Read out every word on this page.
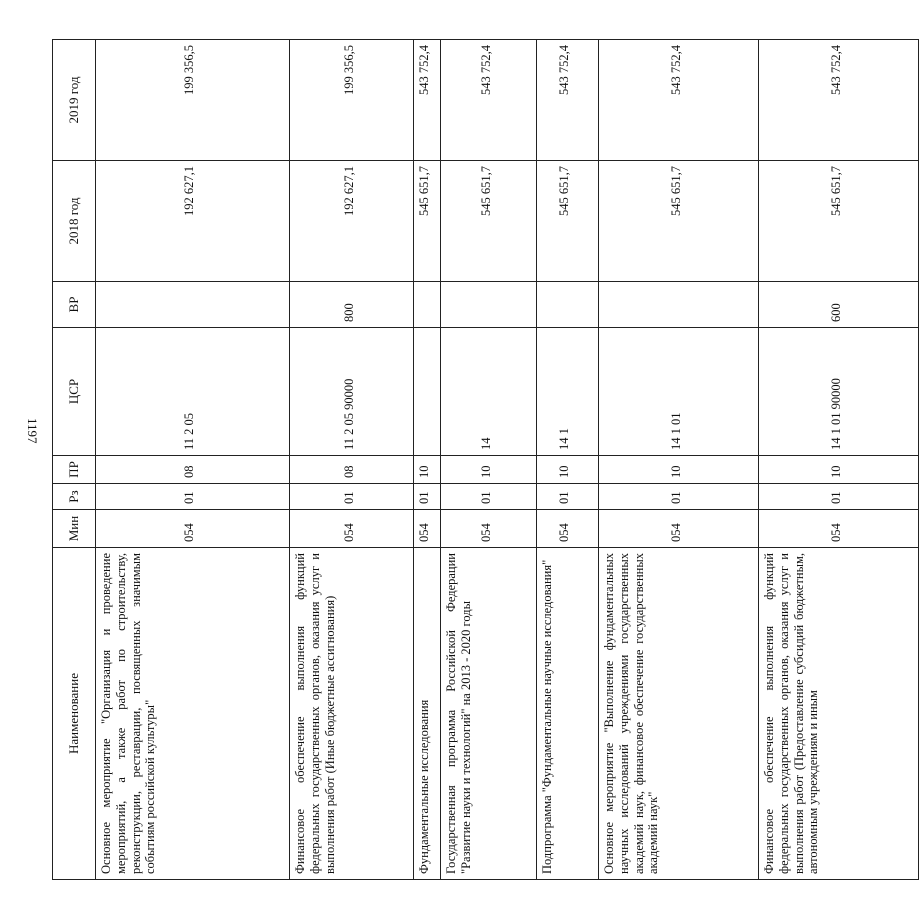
1197
Наименование	Мин	Рз	ПР	ЦСР	ВР	2018 год	2019 год
Основное мероприятие "Организация и проведение мероприятий, а также работ по строительству, реконструкции, реставрации, посвященных значимым событиям российской культуры"	054	01	08	11 2 05		192 627,1	199 356,5
Финансовое обеспечение выполнения функций федеральных государственных органов, оказания услуг и выполнения работ (Иные бюджетные ассигнования)	054	01	08	11 2 05 90000	800	192 627,1	199 356,5
Фундаментальные исследования	054	01	10			545 651,7	543 752,4
Государственная программа Российской Федерации "Развитие науки и технологий" на 2013 - 2020 годы	054	01	10	14		545 651,7	543 752,4
Подпрограмма "Фундаментальные научные исследования"	054	01	10	14 1		545 651,7	543 752,4
Основное мероприятие "Выполнение фундаментальных научных исследований учреждениями государственных академий наук, финансовое обеспечение государственных академий наук"	054	01	10	14 1 01		545 651,7	543 752,4
Финансовое обеспечение выполнения функций федеральных государственных органов, оказания услуг и выполнения работ (Предоставление субсидий бюджетным, автономным учреждениям и иным	054	01	10	14 1 01 90000	600	545 651,7	543 752,4
